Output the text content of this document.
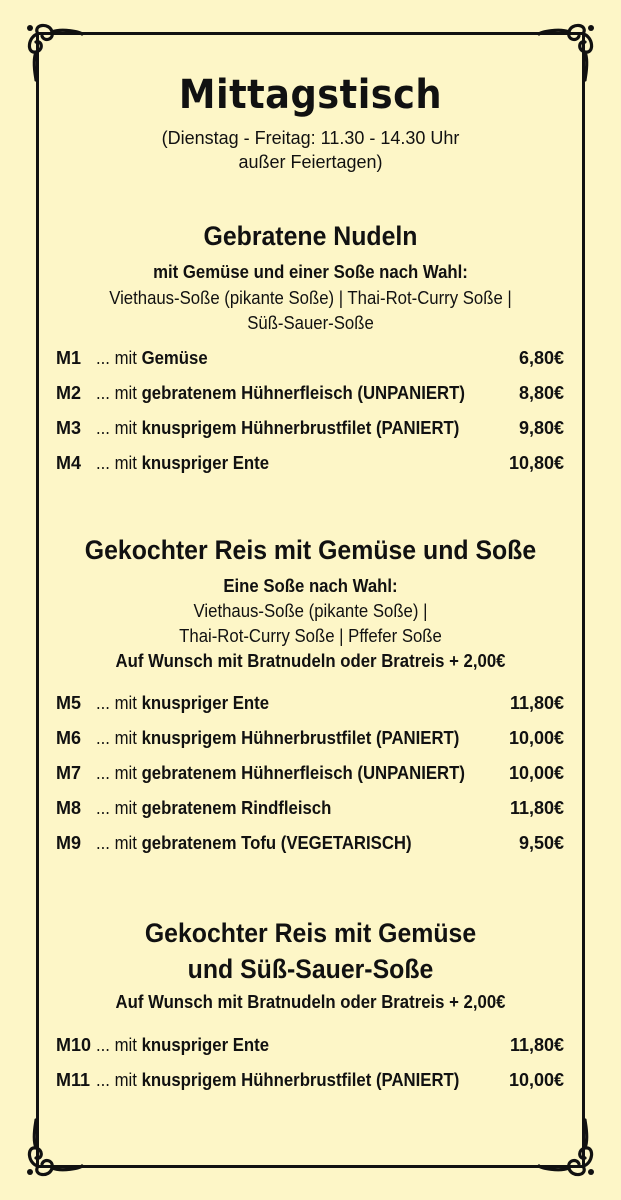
Mittagstisch
(Dienstag - Freitag: 11.30 - 14.30 Uhr
außer Feiertagen)
Gebratene Nudeln
mit Gemüse und einer Soße nach Wahl:
Viethaus-Soße (pikante Soße) | Thai-Rot-Curry Soße |
Süß-Sauer-Soße
M1 ... mit Gemüse	6,80€
M2 ... mit gebratenem Hühnerfleisch (UNPANIERT)	8,80€
M3 ... mit knusprigem Hühnerbrustfilet (PANIERT)	9,80€
M4 ... mit knuspriger Ente	10,80€
Gekochter Reis mit Gemüse und Soße
Eine Soße nach Wahl:
Viethaus-Soße (pikante Soße) |
Thai-Rot-Curry Soße | Pffefer Soße
Auf Wunsch mit Bratnudeln oder Bratreis + 2,00€
M5 ... mit knuspriger Ente	11,80€
M6 ... mit knusprigem Hühnerbrustfilet (PANIERT)	10,00€
M7 ... mit gebratenem Hühnerfleisch (UNPANIERT) 10,00€
M8 ... mit gebratenem Rindfleisch	11,80€
M9 ... mit gebratenem Tofu (VEGETARISCH)	9,50€
Gekochter Reis mit Gemüse
und Süß-Sauer-Soße
Auf Wunsch mit Bratnudeln oder Bratreis + 2,00€
M10 ... mit knuspriger Ente	11,80€
M11 ... mit knusprigem Hühnerbrustfilet (PANIERT)	10,00€
